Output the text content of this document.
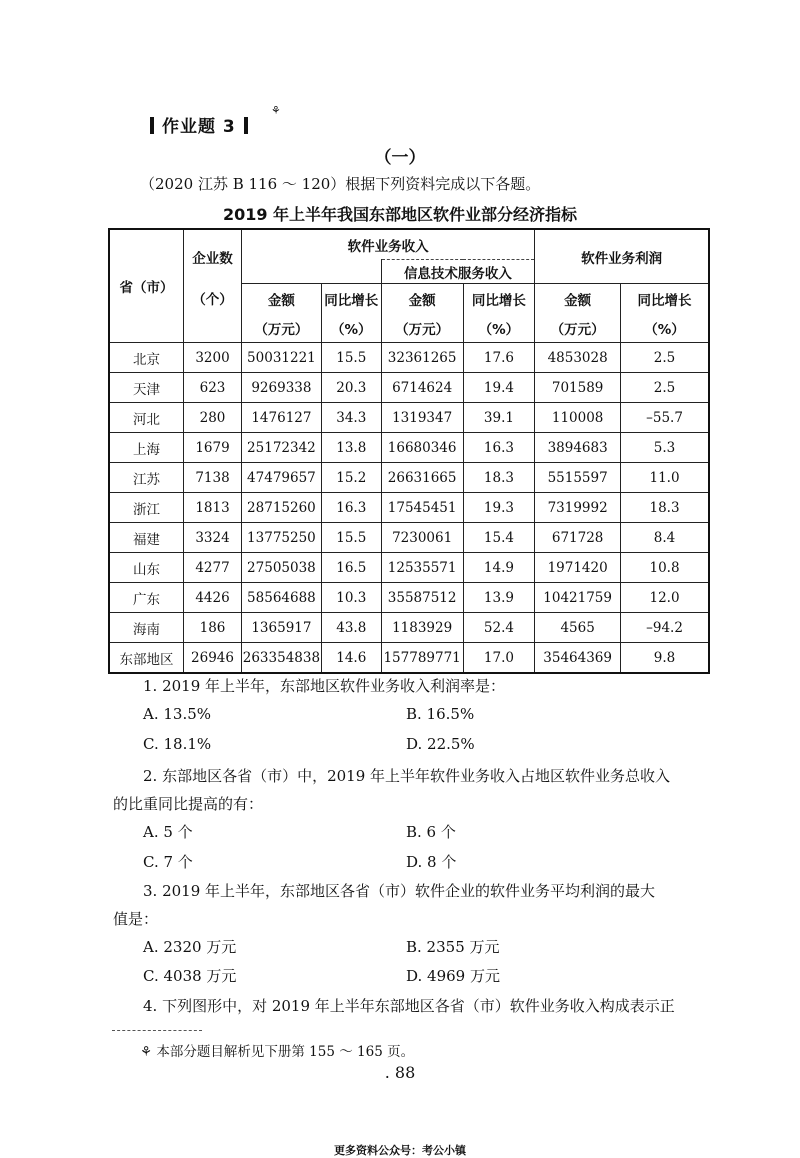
作业题 3
⚘
（一）
（2020 江苏 B 116 ～ 120）根据下列资料完成以下各题。
2019 年上半年我国东部地区软件业部分经济指标
省（市）	企业数	软件业务收入				软件业务利润	
				信息技术服务收入			
	（个）	金额	同比增长	金额	同比增长	金额	同比增长
		（万元）	（%）	（万元）	（%）	（万元）	（%）
北京	3200	50031221	15.5	32361265	17.6	4853028	2.5
天津	623	9269338	20.3	6714624	19.4	701589	2.5
河北	280	1476127	34.3	1319347	39.1	110008	–55.7
上海	1679	25172342	13.8	16680346	16.3	3894683	5.3
江苏	7138	47479657	15.2	26631665	18.3	5515597	11.0
浙江	1813	28715260	16.3	17545451	19.3	7319992	18.3
福建	3324	13775250	15.5	7230061	15.4	671728	8.4
山东	4277	27505038	16.5	12535571	14.9	1971420	10.8
广东	4426	58564688	10.3	35587512	13.9	10421759	12.0
海南	186	1365917	43.8	1183929	52.4	4565	–94.2
东部地区	26946	263354838	14.6	157789771	17.0	35464369	9.8
1. 2019 年上半年，东部地区软件业务收入利润率是：
A. 13.5%	B. 16.5%
C. 18.1%	D. 22.5%
2. 东部地区各省（市）中，2019 年上半年软件业务收入占地区软件业务总收入
的比重同比提高的有：
A. 5 个	B. 6 个
C. 7 个	D. 8 个
3. 2019 年上半年，东部地区各省（市）软件企业的软件业务平均利润的最大
值是：
A. 2320 万元	B. 2355 万元
C. 4038 万元	D. 4969 万元
4. 下列图形中，对 2019 年上半年东部地区各省（市）软件业务收入构成表示正
⚘ 本部分题目解析见下册第 155 ～ 165 页。
. 88
更多资料公众号：考公小镇
